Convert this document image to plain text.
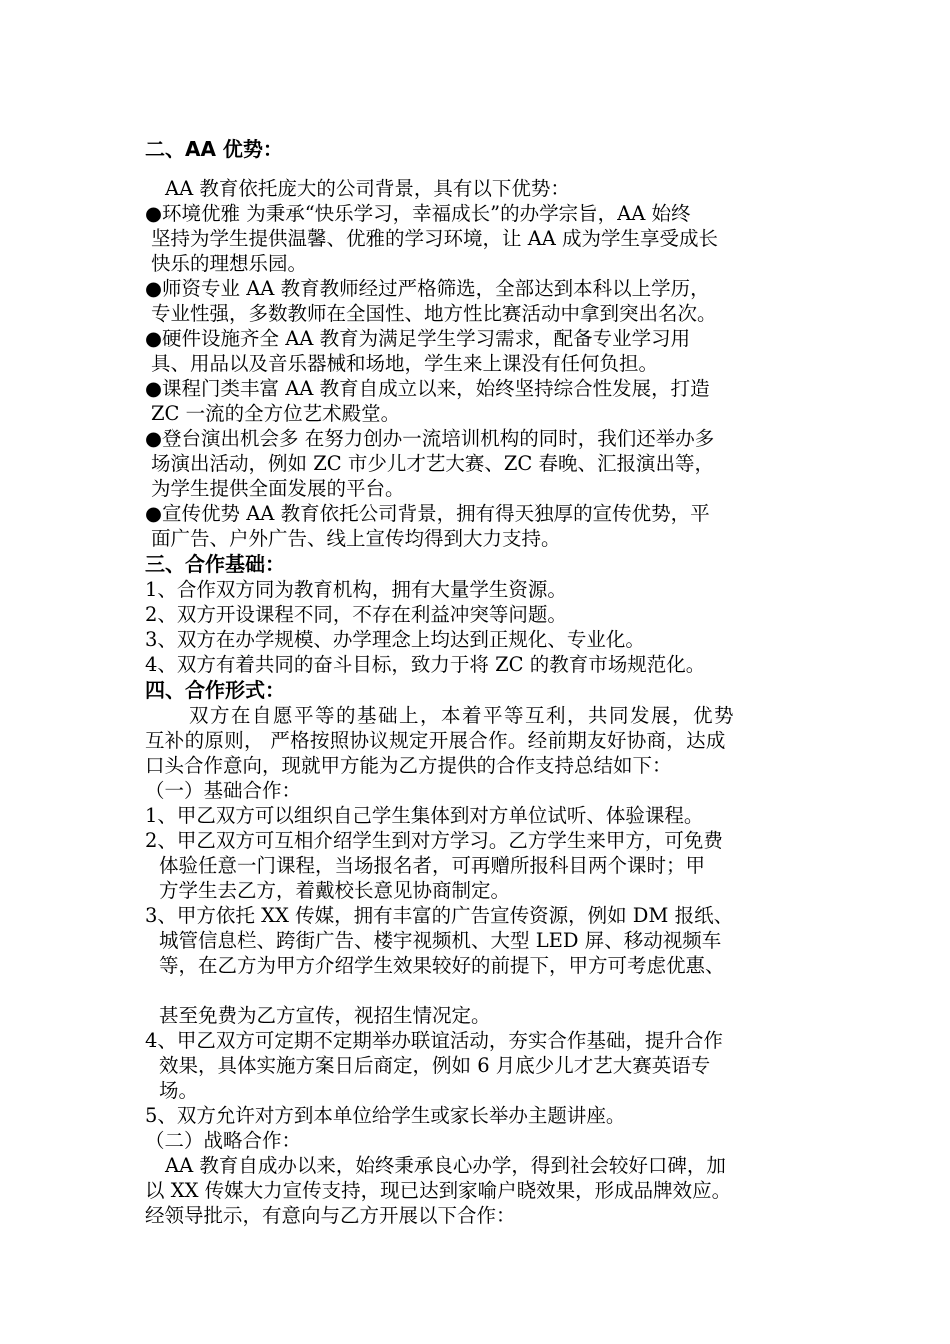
二、AA 优势：
AA 教育依托庞大的公司背景，具有以下优势：
●环境优雅 为秉承“快乐学习，幸福成长”的办学宗旨，AA 始终
坚持为学生提供温馨、优雅的学习环境，让 AA 成为学生享受成长
快乐的理想乐园。
●师资专业 AA 教育教师经过严格筛选，全部达到本科以上学历，
专业性强，多数教师在全国性、地方性比赛活动中拿到突出名次。
●硬件设施齐全 AA 教育为满足学生学习需求，配备专业学习用
具、用品以及音乐器械和场地，学生来上课没有任何负担。
●课程门类丰富 AA 教育自成立以来，始终坚持综合性发展，打造
ZC 一流的全方位艺术殿堂。
●登台演出机会多 在努力创办一流培训机构的同时，我们还举办多
场演出活动，例如 ZC 市少儿才艺大赛、ZC 春晚、汇报演出等，
为学生提供全面发展的平台。
●宣传优势 AA 教育依托公司背景，拥有得天独厚的宣传优势，平
面广告、户外广告、线上宣传均得到大力支持。
三、合作基础：
1、合作双方同为教育机构，拥有大量学生资源。
2、双方开设课程不同，不存在利益冲突等问题。
3、双方在办学规模、办学理念上均达到正规化、专业化。
4、双方有着共同的奋斗目标，致力于将 ZC 的教育市场规范化。
四、合作形式：
双方在自愿平等的基础上，本着平等互利，共同发展，优势
互补的原则， 严格按照协议规定开展合作。经前期友好协商，达成
口头合作意向，现就甲方能为乙方提供的合作支持总结如下：
（一）基础合作：
1、甲乙双方可以组织自己学生集体到对方单位试听、体验课程。
2、甲乙双方可互相介绍学生到对方学习。乙方学生来甲方，可免费
体验任意一门课程，当场报名者，可再赠所报科目两个课时；甲
方学生去乙方，着戴校长意见协商制定。
3、甲方依托 XX 传媒，拥有丰富的广告宣传资源，例如 DM 报纸、
城管信息栏、跨街广告、楼宇视频机、大型 LED 屏、移动视频车
等，在乙方为甲方介绍学生效果较好的前提下，甲方可考虑优惠、
甚至免费为乙方宣传，视招生情况定。
4、甲乙双方可定期不定期举办联谊活动，夯实合作基础，提升合作
效果，具体实施方案日后商定，例如 6 月底少儿才艺大赛英语专
场。
5、双方允许对方到本单位给学生或家长举办主题讲座。
（二）战略合作：
AA 教育自成办以来，始终秉承良心办学，得到社会较好口碑，加
以 XX 传媒大力宣传支持，现已达到家喻户晓效果，形成品牌效应。
经领导批示，有意向与乙方开展以下合作：
